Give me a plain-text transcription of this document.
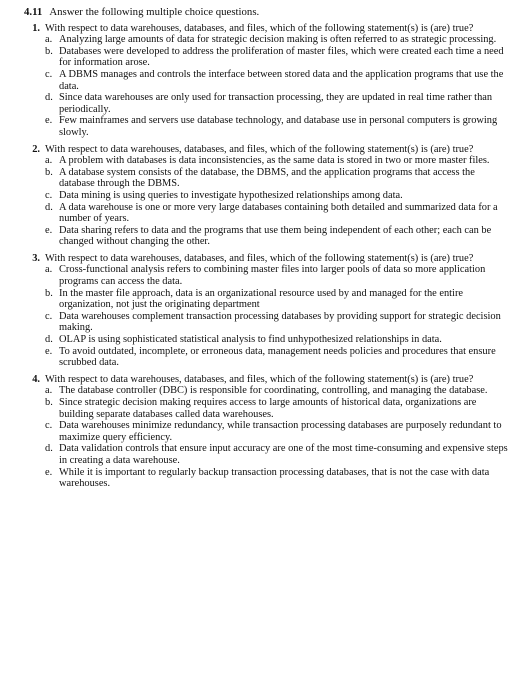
4.11 Answer the following multiple choice questions.
1. With respect to data warehouses, databases, and files, which of the following statement(s) is (are) true?
a. Analyzing large amounts of data for strategic decision making is often referred to as strategic processing.
b. Databases were developed to address the proliferation of master files, which were created each time a need for information arose.
c. A DBMS manages and controls the interface between stored data and the application programs that use the data.
d. Since data warehouses are only used for transaction processing, they are updated in real time rather than periodically.
e. Few mainframes and servers use database technology, and database use in personal computers is growing slowly.
2. With respect to data warehouses, databases, and files, which of the following statement(s) is (are) true?
a. A problem with databases is data inconsistencies, as the same data is stored in two or more master files.
b. A database system consists of the database, the DBMS, and the application programs that access the database through the DBMS.
c. Data mining is using queries to investigate hypothesized relationships among data.
d. A data warehouse is one or more very large databases containing both detailed and summarized data for a number of years.
e. Data sharing refers to data and the programs that use them being independent of each other; each can be changed without changing the other.
3. With respect to data warehouses, databases, and files, which of the following statement(s) is (are) true?
a. Cross-functional analysis refers to combining master files into larger pools of data so more application programs can access the data.
b. In the master file approach, data is an organizational resource used by and managed for the entire organization, not just the originating department
c. Data warehouses complement transaction processing databases by providing support for strategic decision making.
d. OLAP is using sophisticated statistical analysis to find unhypothesized relationships in data.
e. To avoid outdated, incomplete, or erroneous data, management needs policies and procedures that ensure scrubbed data.
4. With respect to data warehouses, databases, and files, which of the following statement(s) is (are) true?
a. The database controller (DBC) is responsible for coordinating, controlling, and managing the database.
b. Since strategic decision making requires access to large amounts of historical data, organizations are building separate databases called data warehouses.
c. Data warehouses minimize redundancy, while transaction processing databases are purposely redundant to maximize query efficiency.
d. Data validation controls that ensure input accuracy are one of the most time-consuming and expensive steps in creating a data warehouse.
e. While it is important to regularly backup transaction processing databases, that is not the case with data warehouses.
